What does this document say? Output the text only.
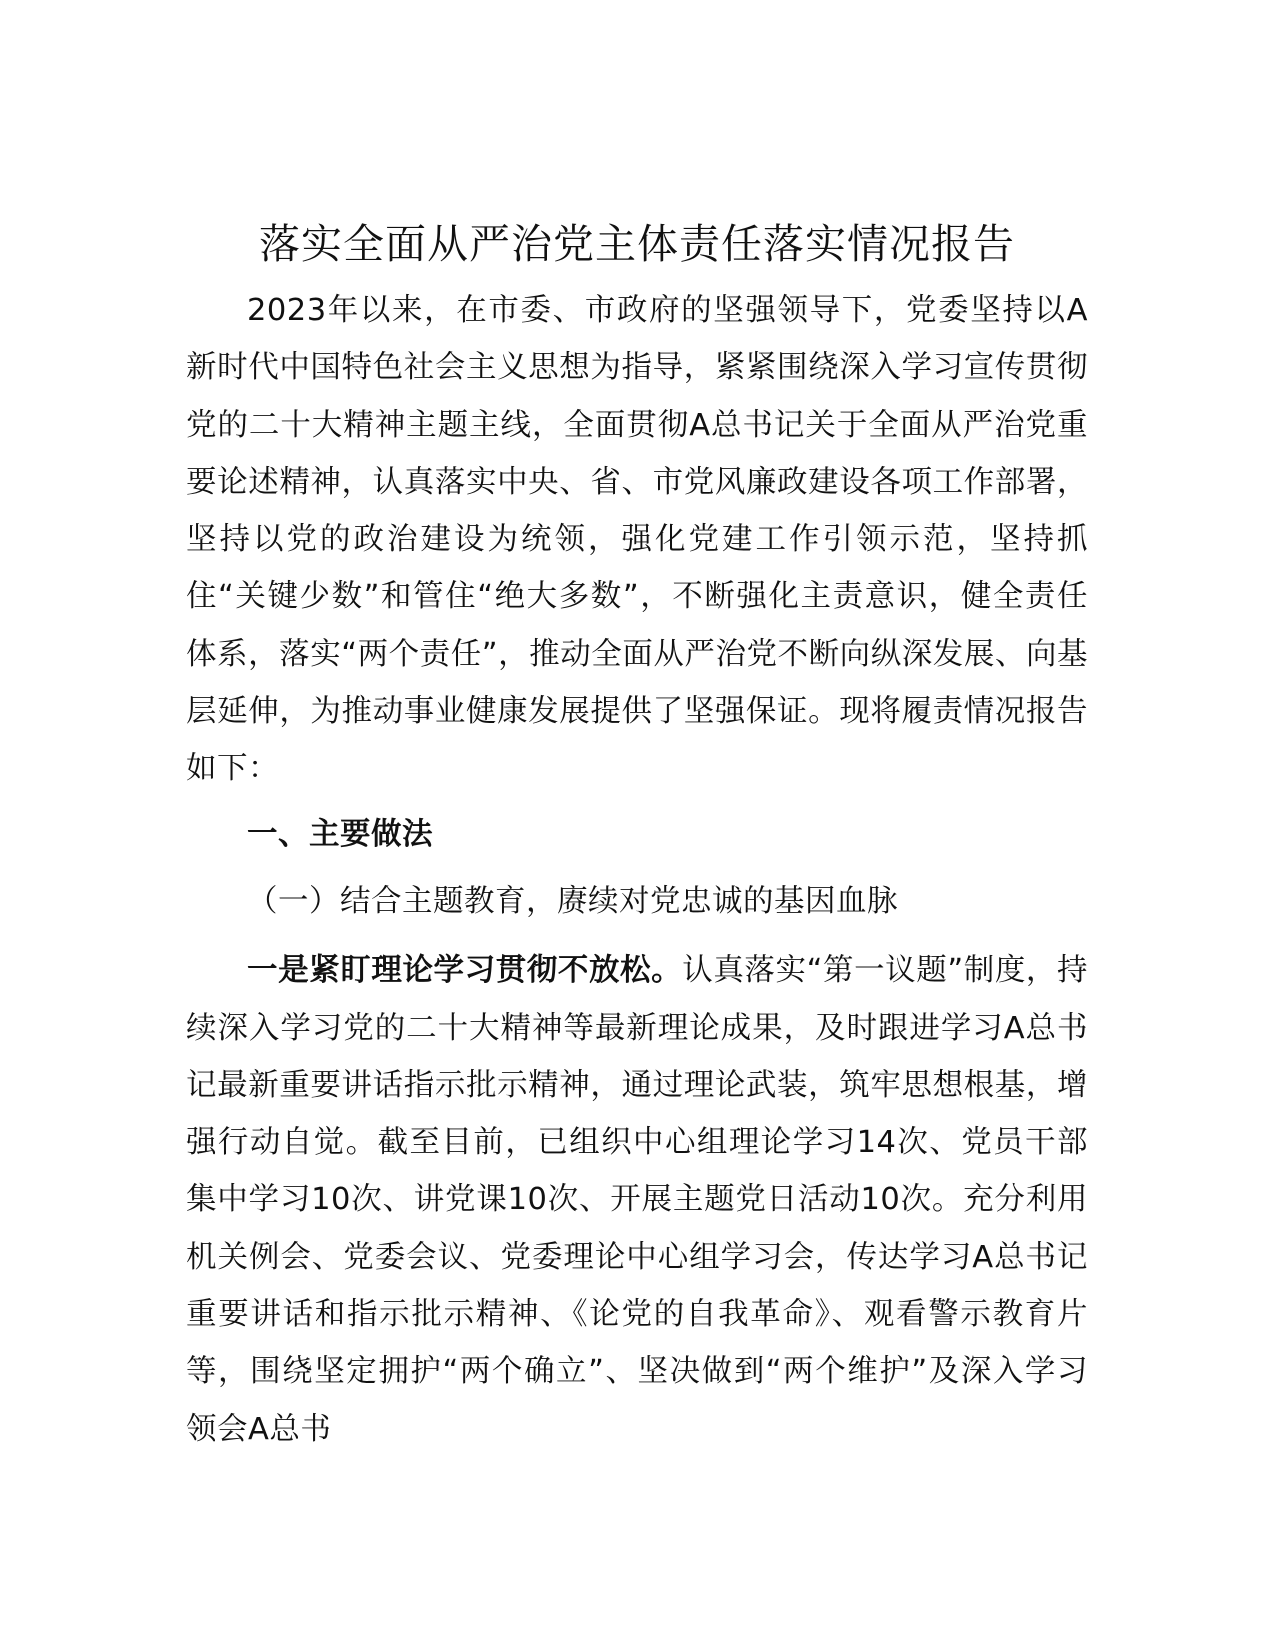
落实全面从严治党主体责任落实情况报告

2023年以来，在市委、市政府的坚强领导下，党委坚持以A新时代中国特色社会主义思想为指导，紧紧围绕深入学习宣传贯彻党的二十大精神主题主线，全面贯彻A总书记关于全面从严治党重要论述精神，认真落实中央、省、市党风廉政建设各项工作部署，坚持以党的政治建设为统领，强化党建工作引领示范，坚持抓住“关键少数”和管住“绝大多数”，不断强化主责意识，健全责任体系，落实“两个责任”，推动全面从严治党不断向纵深发展、向基层延伸，为推动事业健康发展提供了坚强保证。现将履责情况报告如下：

一、主要做法

（一）结合主题教育，赓续对党忠诚的基因血脉

一是紧盯理论学习贯彻不放松。认真落实“第一议题”制度，持续深入学习党的二十大精神等最新理论成果，及时跟进学习A总书记最新重要讲话指示批示精神，通过理论武装，筑牢思想根基，增强行动自觉。截至目前，已组织中心组理论学习14次、党员干部集中学习10次、讲党课10次、开展主题党日活动10次。充分利用机关例会、党委会议、党委理论中心组学习会，传达学习A总书记重要讲话和指示批示精神、《论党的自我革命》、观看警示教育片等，围绕坚定拥护“两个确立”、坚决做到“两个维护”及深入学习领会A总书
